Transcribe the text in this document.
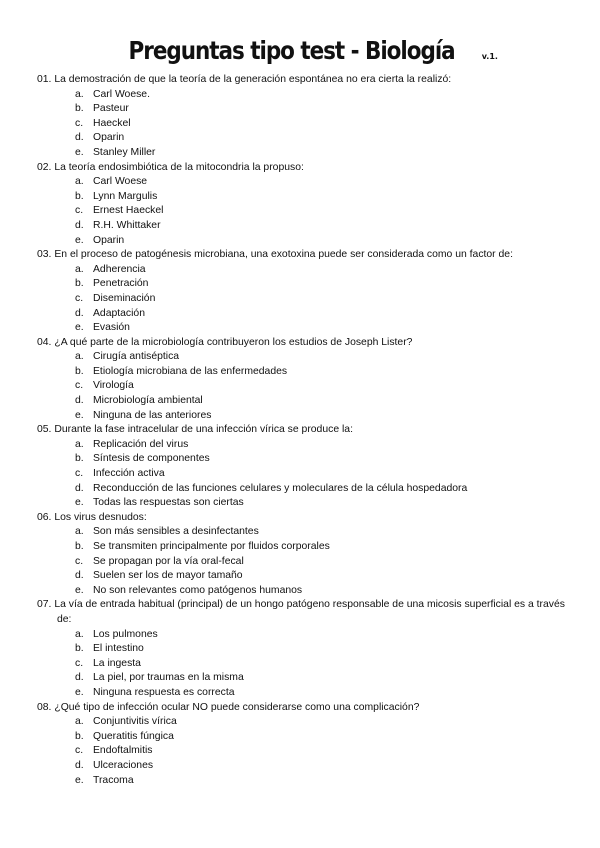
Preguntas tipo test - Biología	v.1.
01. La demostración de que la teoría de la generación espontánea no era cierta la realizó:
a. Carl Woese.
b. Pasteur
c. Haeckel
d. Oparin
e. Stanley Miller
02. La teoría endosimbiótica de la mitocondria la propuso:
a. Carl Woese
b. Lynn Margulis
c. Ernest Haeckel
d. R.H. Whittaker
e. Oparin
03. En el proceso de patogénesis microbiana, una exotoxina puede ser considerada como un factor de:
a. Adherencia
b. Penetración
c. Diseminación
d. Adaptación
e. Evasión
04. ¿A qué parte de la microbiología contribuyeron los estudios de Joseph Lister?
a. Cirugía antiséptica
b. Etiología microbiana de las enfermedades
c. Virología
d. Microbiología ambiental
e. Ninguna de las anteriores
05. Durante la fase intracelular de una infección vírica se produce la:
a. Replicación del virus
b. Síntesis de componentes
c. Infección activa
d. Reconducción de las funciones celulares y moleculares de la célula hospedadora
e. Todas las respuestas son ciertas
06. Los virus desnudos:
a. Son más sensibles a desinfectantes
b. Se transmiten principalmente por fluidos corporales
c. Se propagan por la vía oral-fecal
d. Suelen ser los de mayor tamaño
e. No son relevantes como patógenos humanos
07. La vía de entrada habitual (principal) de un hongo patógeno responsable de una micosis superficial es a través de:
a. Los pulmones
b. El intestino
c. La ingesta
d. La piel, por traumas en la misma
e. Ninguna respuesta es correcta
08. ¿Qué tipo de infección ocular NO puede considerarse como una complicación?
a. Conjuntivitis vírica
b. Queratitis fúngica
c. Endoftalmitis
d. Ulceraciones
e. Tracoma
